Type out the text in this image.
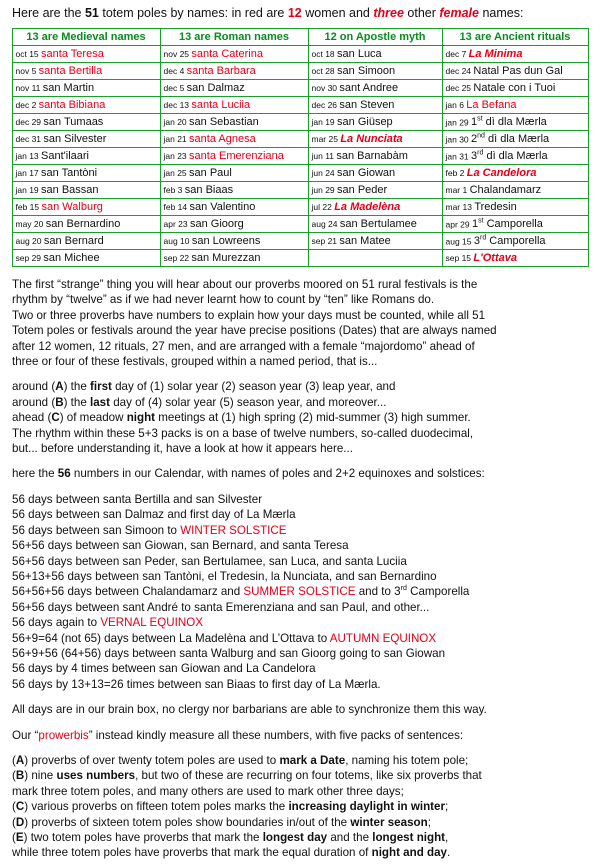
Here are the 51 totem poles by names: in red are 12 women and three other female names:
13 are Medieval names	13 are Roman names	12 on Apostle myth	13 are Ancient rituals
oct 15 santa Teresa	nov 25 santa Caterina	oct 18 san Luca	dec 7 La Minima
nov 5 santa Bertilla	dec 4 santa Barbara	oct 28 san Simoon	dec 24 Natal Pas dun Gal
nov 11 san Martin	dec 5 san Dalmaz	nov 30 sant Andree	dec 25 Natale con i Tuoi
dec 2 santa Bibiana	dec 13 santa Luciia	dec 26 san Steven	jan 6 La Befana
dec 29 san Tumaas	jan 20 san Sebastian	jan 19 san Giüsep	jan 29 1st dì dla Mærla
dec 31 san Silvester	jan 21 santa Agnesa	mar 25 La Nunciata	jan 30 2nd dì dla Mærla
jan 13 Sant'ilaari	jan 23 santa Emerenziana	jun 11 san Barnabàm	jan 31 3rd dì dla Mærla
jan 17 san Tantòni	jan 25 san Paul	jun 24 san Giowan	feb 2 La Candelora
jan 19 san Bassan	feb 3 san Biaas	jun 29 san Peder	mar 1 Chalandamarz
feb 15 san Walburg	feb 14 san Valentino	jul 22 La Madelèna	mar 13 Tredesin
may 20 san Bernardino	apr 23 san Gioorg	aug 24 san Bertulamee	apr 29 1st Camporella
aug 20 san Bernard	aug 10 san Lowreens	sep 21 san Matee	aug 15 3rd Camporella
sep 29 san Michee	sep 22 san Murezzan		sep 15 L'Ottava

The first “strange” thing you will hear about our proverbs moored on 51 rural festivals is the
rhythm by “twelve” as if we had never learnt how to count by “ten” like Romans do.
Two or three proverbs have numbers to explain how your days must be counted, while all 51
Totem poles or festivals around the year have precise positions (Dates) that are always named
after 12 women, 12 rituals, 27 men, and are arranged with a female “majordomo” ahead of
three or four of these festivals, grouped within a named period, that is...

around (A) the first day of (1) solar year (2) season year (3) leap year, and
around (B) the last day of (4) solar year (5) season year, and moreover...
ahead (C) of meadow night meetings at (1) high spring (2) mid-summer (3) high summer.
The rhythm within these 5+3 packs is on a base of twelve numbers, so-called duodecimal,
but... before understanding it, have a look at how it appears here...

here the 56 numbers in our Calendar, with names of poles and 2+2 equinoxes and solstices:

56 days between santa Bertilla and san Silvester
56 days between san Dalmaz and first day of La Mærla
56 days between san Simoon to WINTER SOLSTICE
56+56 days between san Giowan, san Bernard, and santa Teresa
56+56 days between san Peder, san Bertulamee, san Luca, and santa Luciia
56+13+56 days between san Tantòni, el Tredesin, la Nunciata, and san Bernardino
56+56+56 days between Chalandamarz and SUMMER SOLSTICE and to 3rd Camporella
56+56 days between sant André to santa Emerenziana and san Paul, and other...
56 days again to VERNAL EQUINOX
56+9=64 (not 65) days between La Madelèna and L’Ottava to AUTUMN EQUINOX
56+9+56 (64+56) days between santa Walburg and san Gioorg going to san Giowan
56 days by 4 times between san Giowan and La Candelora
56 days by 13+13=26 times between san Biaas to first day of La Mærla.

All days are in our brain box, no clergy nor barbarians are able to synchronize them this way.

Our “prowerbis” instead kindly measure all these numbers, with five packs of sentences:

(A) proverbs of over twenty totem poles are used to mark a Date, naming his totem pole;
(B) nine uses numbers, but two of these are recurring on four totems, like six proverbs that
mark three totem poles, and many others are used to mark other three days;
(C) various proverbs on fifteen totem poles marks the increasing daylight in winter;
(D) proverbs of sixteen totem poles show boundaries in/out of the winter season;
(E) two totem poles have proverbs that mark the longest day and the longest night,
while three totem poles have proverbs that mark the equal duration of night and day.
